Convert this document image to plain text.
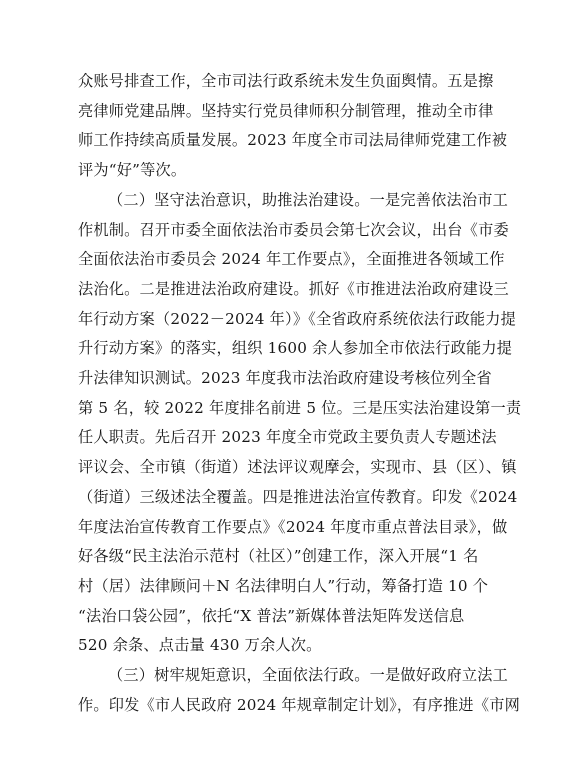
众账号排查工作，全市司法行政系统未发生负面舆情。五是擦
亮律师党建品牌。坚持实行党员律师积分制管理，推动全市律
师工作持续高质量发展。2023 年度全市司法局律师党建工作被
评为“好”等次。

（二）坚守法治意识，助推法治建设。一是完善依法治市工
作机制。召开市委全面依法治市委员会第七次会议，出台《市委
全面依法治市委员会 2024 年工作要点》，全面推进各领域工作
法治化。二是推进法治政府建设。抓好《市推进法治政府建设三
年行动方案（2022－2024 年）》《全省政府系统依法行政能力提
升行动方案》的落实，组织 1600 余人参加全市依法行政能力提
升法律知识测试。2023 年度我市法治政府建设考核位列全省
第 5 名，较 2022 年度排名前进 5 位。三是压实法治建设第一责
任人职责。先后召开 2023 年度全市党政主要负责人专题述法
评议会、全市镇（街道）述法评议观摩会，实现市、县（区）、镇
（街道）三级述法全覆盖。四是推进法治宣传教育。印发《2024
年度法治宣传教育工作要点》《2024 年度市重点普法目录》，做
好各级“民主法治示范村（社区）”创建工作，深入开展“1 名
村（居）法律顾问＋N 名法律明白人”行动，筹备打造 10 个
“法治口袋公园”，依托“X 普法”新媒体普法矩阵发送信息
520 余条、点击量 430 万余人次。

（三）树牢规矩意识，全面依法行政。一是做好政府立法工
作。印发《市人民政府 2024 年规章制定计划》，有序推进《市网
